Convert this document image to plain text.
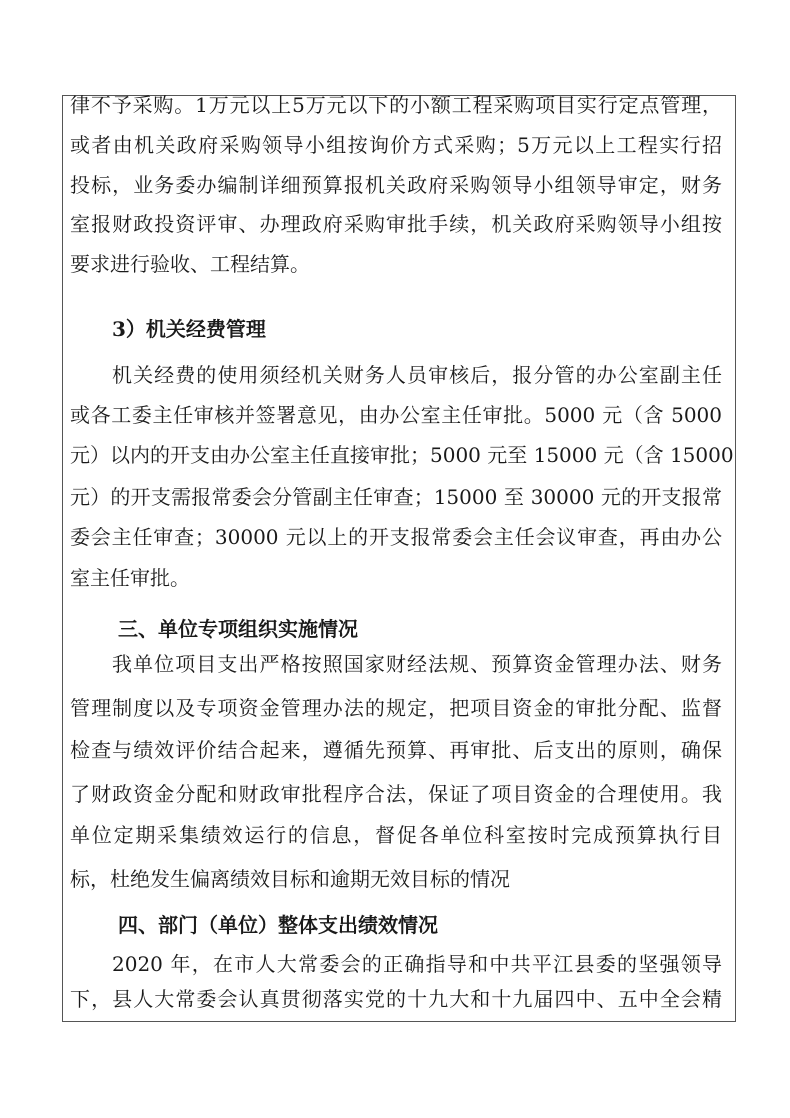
律不予采购。1万元以上5万元以下的小额工程采购项目实行定点管理，
或者由机关政府采购领导小组按询价方式采购；5万元以上工程实行招
投标，业务委办编制详细预算报机关政府采购领导小组领导审定，财务
室报财政投资评审、办理政府采购审批手续，机关政府采购领导小组按
要求进行验收、工程结算。
3）机关经费管理
机关经费的使用须经机关财务人员审核后，报分管的办公室副主任
或各工委主任审核并签署意见，由办公室主任审批。5000 元（含 5000
元）以内的开支由办公室主任直接审批；5000 元至 15000 元（含 15000
元）的开支需报常委会分管副主任审查；15000 至 30000 元的开支报常
委会主任审查；30000 元以上的开支报常委会主任会议审查，再由办公
室主任审批。
三、单位专项组织实施情况
我单位项目支出严格按照国家财经法规、预算资金管理办法、财务
管理制度以及专项资金管理办法的规定，把项目资金的审批分配、监督
检查与绩效评价结合起来，遵循先预算、再审批、后支出的原则，确保
了财政资金分配和财政审批程序合法，保证了项目资金的合理使用。我
单位定期采集绩效运行的信息，督促各单位科室按时完成预算执行目
标，杜绝发生偏离绩效目标和逾期无效目标的情况
四、部门（单位）整体支出绩效情况
2020 年，在市人大常委会的正确指导和中共平江县委的坚强领导
下，县人大常委会认真贯彻落实党的十九大和十九届四中、五中全会精
